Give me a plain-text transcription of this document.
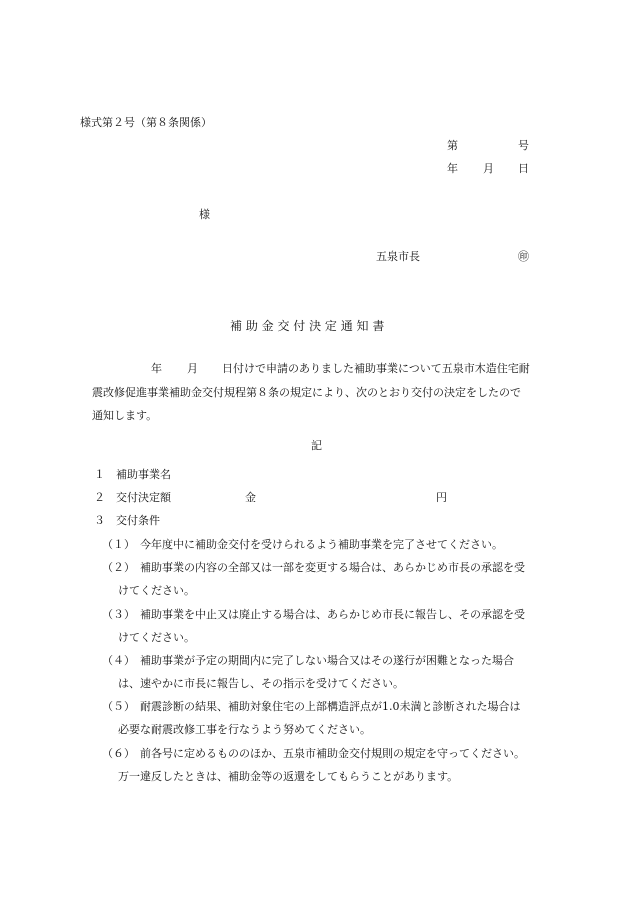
様式第２号（第８条関係）
第	号
年 月 日
様
五泉市長	㊞
補 助 金 交 付 決 定 通 知 書
年 月 日付けで申請のありました補助事業について五泉市木造住宅耐
震改修促進事業補助金交付規程第８条の規定により、次のとおり交付の決定をしたので
通知します。
記
１ 補助事業名
２ 交付決定額	金	円
３ 交付条件
（１） 今年度中に補助金交付を受けられるよう補助事業を完了させてください。
（２） 補助事業の内容の全部又は一部を変更する場合は、あらかじめ市長の承認を受
けてください。
（３） 補助事業を中止又は廃止する場合は、あらかじめ市長に報告し、その承認を受
けてください。
（４） 補助事業が予定の期間内に完了しない場合又はその遂行が困難となった場合
は、速やかに市長に報告し、その指示を受けてください。
（５） 耐震診断の結果、補助対象住宅の上部構造評点が1.0未満と診断された場合は
必要な耐震改修工事を行なうよう努めてください。
（６） 前各号に定めるもののほか、五泉市補助金交付規則の規定を守ってください。
万一違反したときは、補助金等の返還をしてもらうことがあります。
